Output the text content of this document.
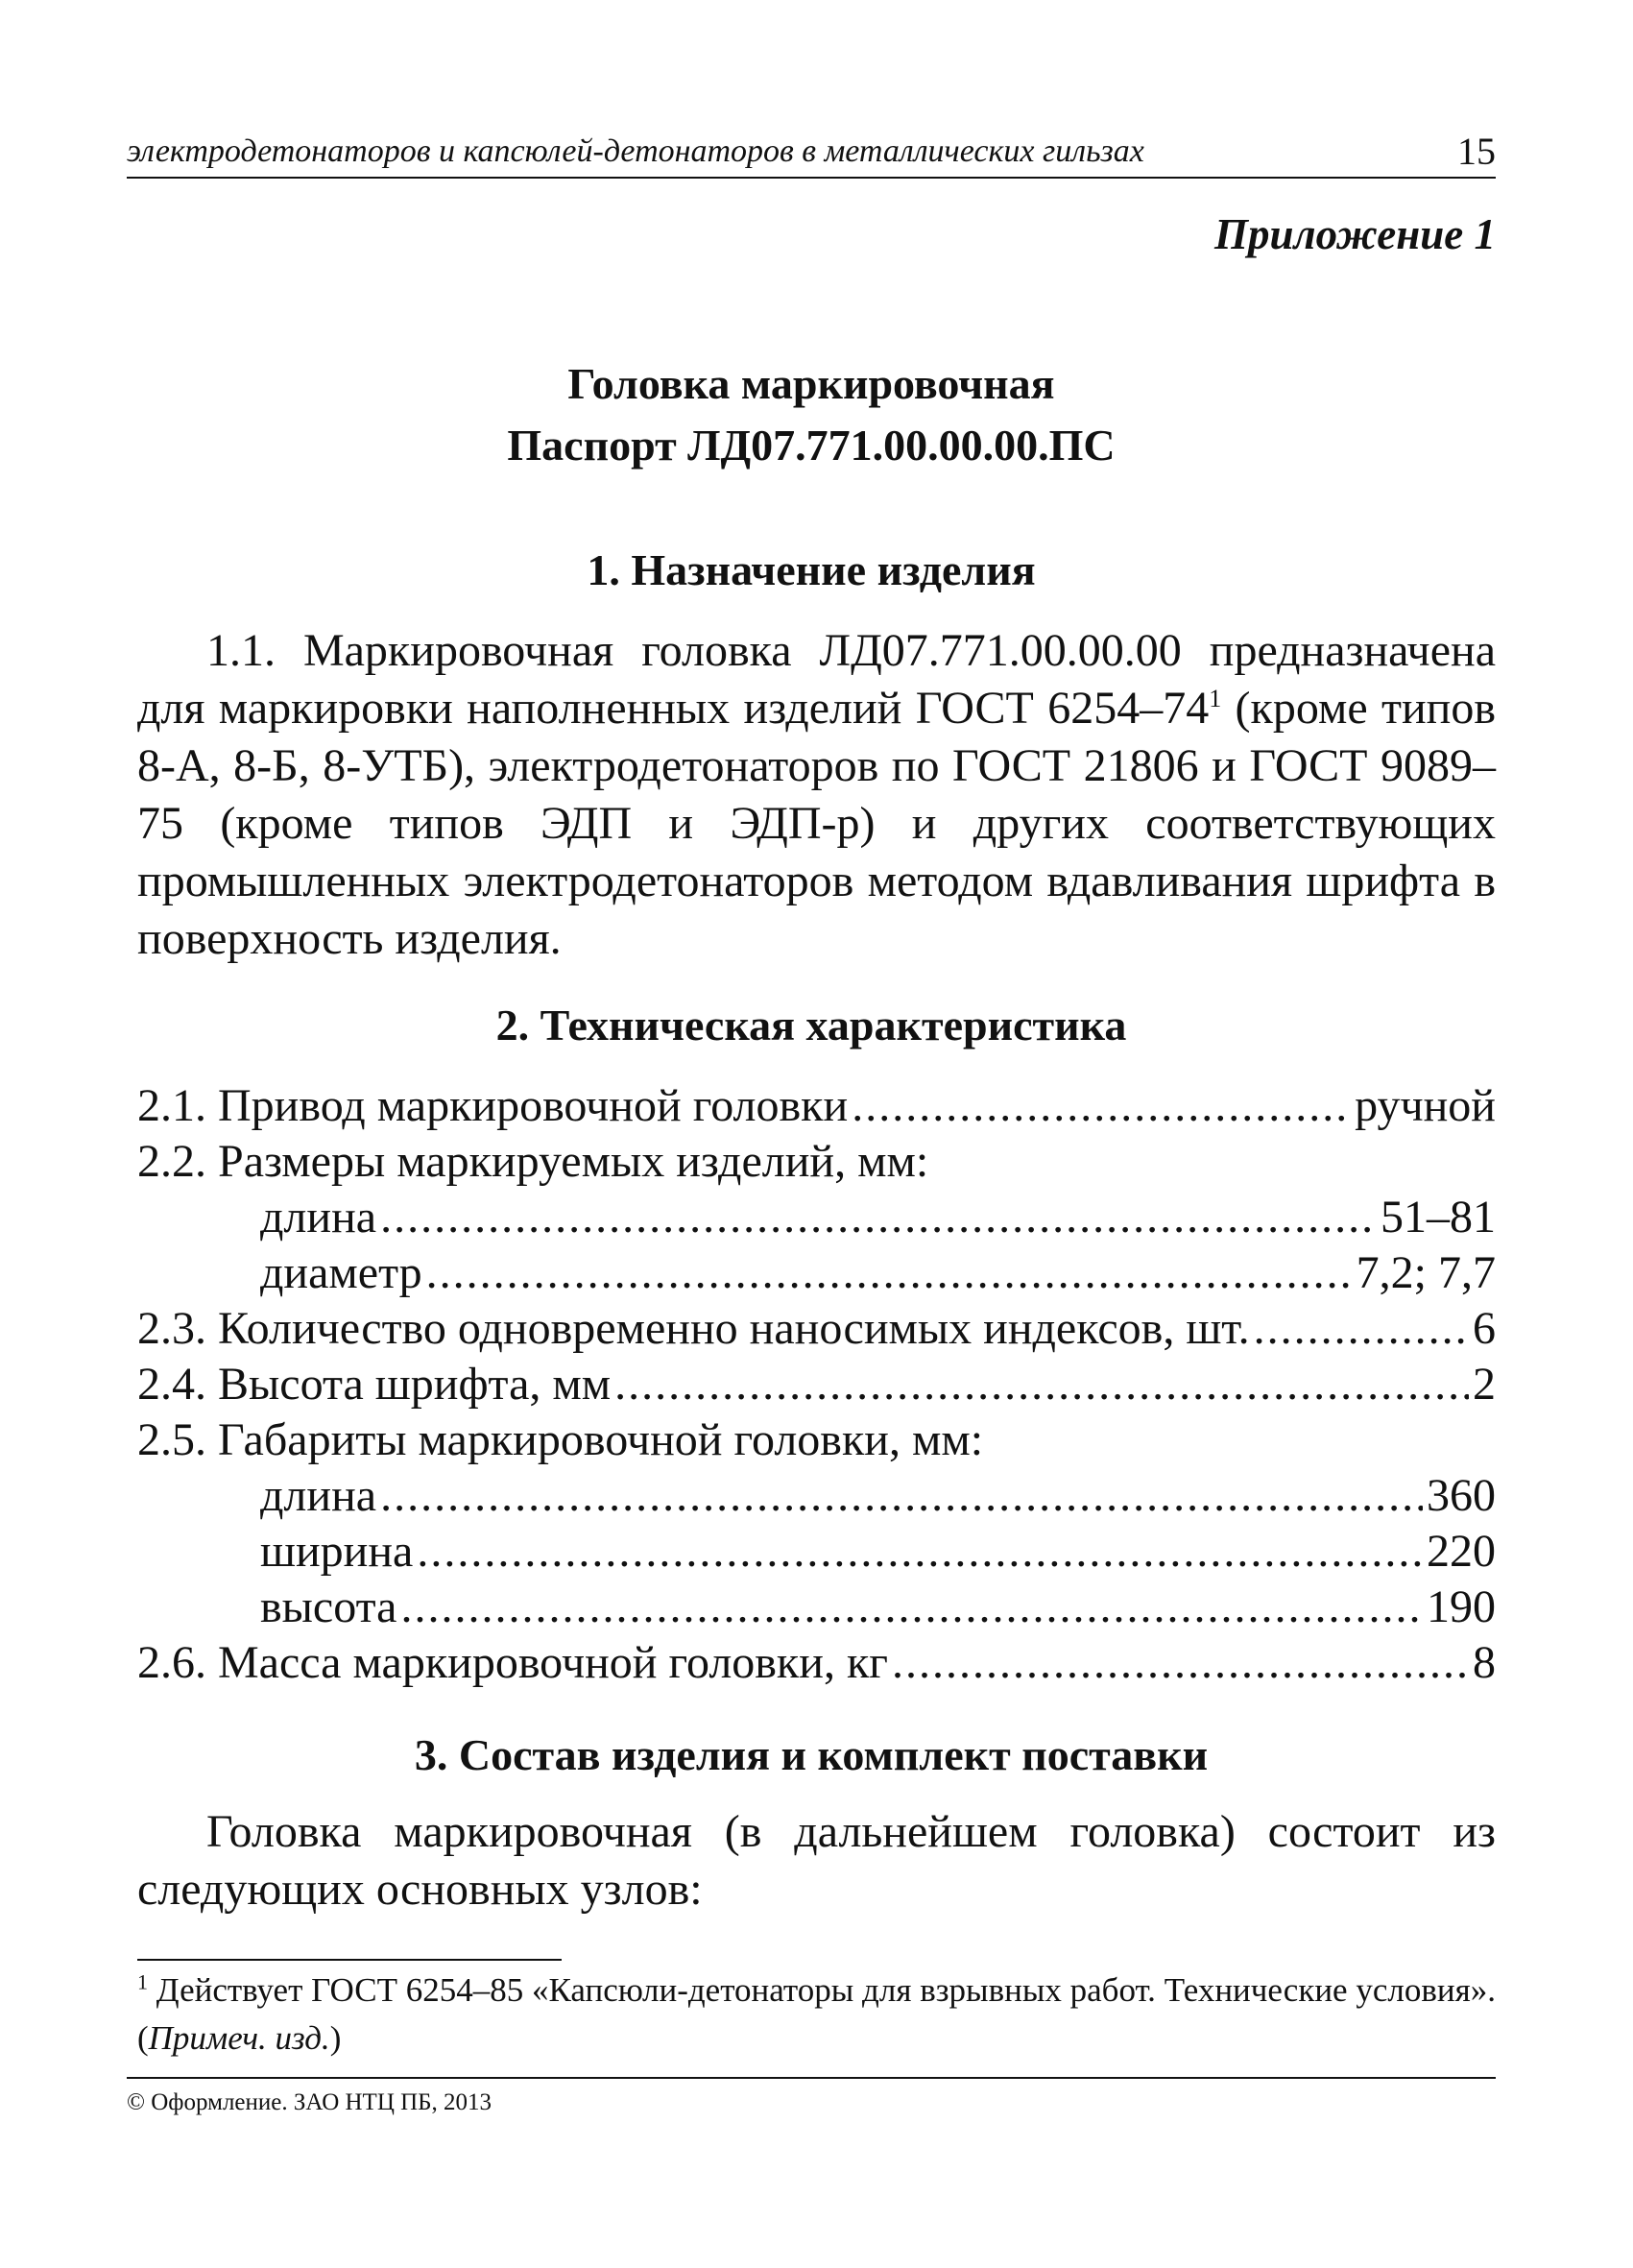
электродетонаторов и капсюлей-детонаторов в металлических гильзах	15
Приложение 1
Головка маркировочная
Паспорт ЛД07.771.00.00.00.ПС
1. Назначение изделия
1.1. Маркировочная головка ЛД07.771.00.00.00 предназначена для маркировки наполненных изделий ГОСТ $6254-74^1$ (кроме типов 8-А, 8-Б, 8-УТБ), электродетонаторов по ГОСТ 21806 и ГОСТ 9089–75 (кроме типов ЭДП и ЭДП-р) и других соответствующих промышленных электродетонаторов методом вдавливания шрифта в поверхность изделия.
2. Техническая характеристика
2.1. Привод маркировочной головки .....	ручной
2.2. Размеры маркируемых изделий, мм:
длина .....	51–81
диаметр .....	7,2; 7,7
2.3. Количество одновременно наносимых индексов, шт. .....	6
2.4. Высота шрифта, мм .....	2
2.5. Габариты маркировочной головки, мм:
длина .....	360
ширина .....	220
высота .....	190
2.6. Масса маркировочной головки, кг .....	8
3. Состав изделия и комплект поставки
Головка маркировочная (в дальнейшем головка) состоит из следующих основных узлов:
$^1$ Действует ГОСТ 6254–85 «Капсюли-детонаторы для взрывных работ. Технические условия». (Примеч. изд.)
© Оформление. ЗАО НТЦ ПБ, 2013
